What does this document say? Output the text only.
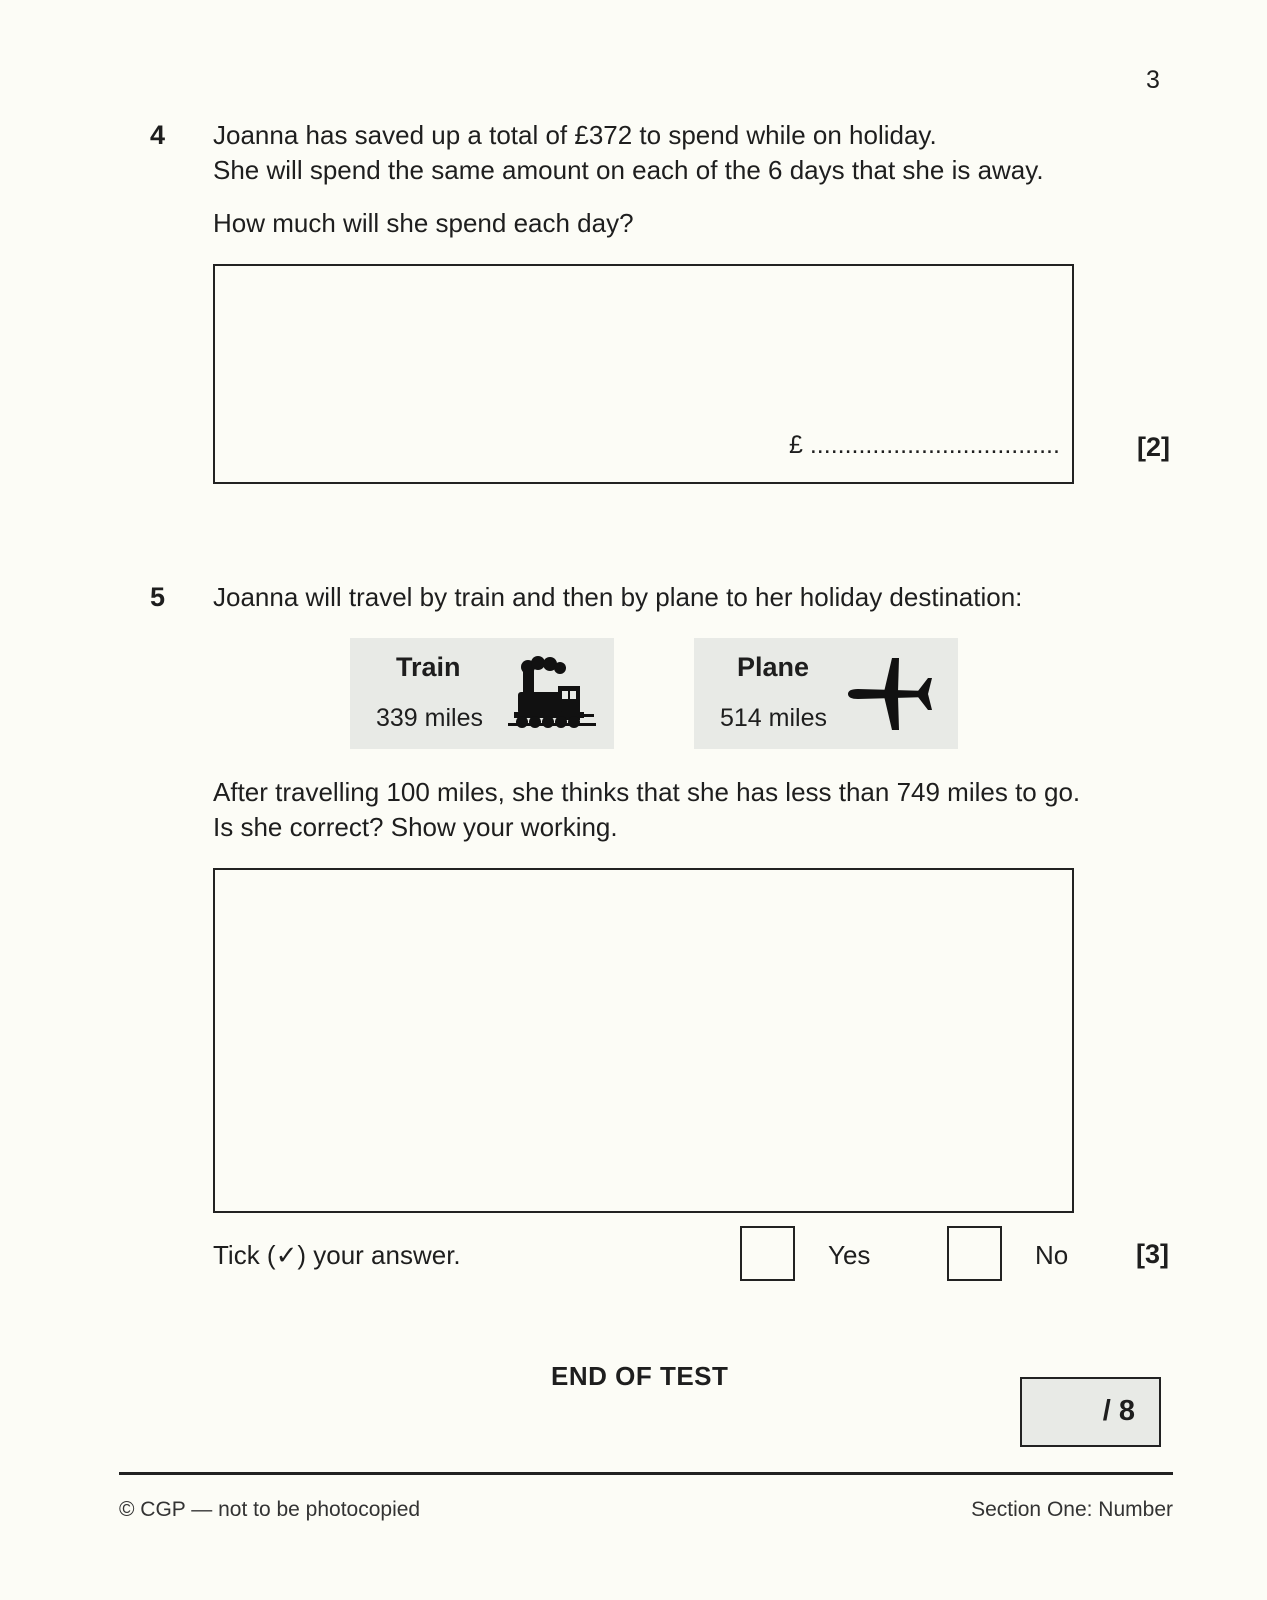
3
4 Joanna has saved up a total of £372 to spend while on holiday.
She will spend the same amount on each of the 6 days that she is away.
How much will she spend each day?
£ ....................................	[2]
5 Joanna will travel by train and then by plane to her holiday destination:
Train
339 miles
Plane
514 miles
After travelling 100 miles, she thinks that she has less than 749 miles to go.
Is she correct? Show your working.
Tick (✓) your answer.	Yes	No	[3]
END OF TEST
/ 8
© CGP — not to be photocopied	Section One: Number
